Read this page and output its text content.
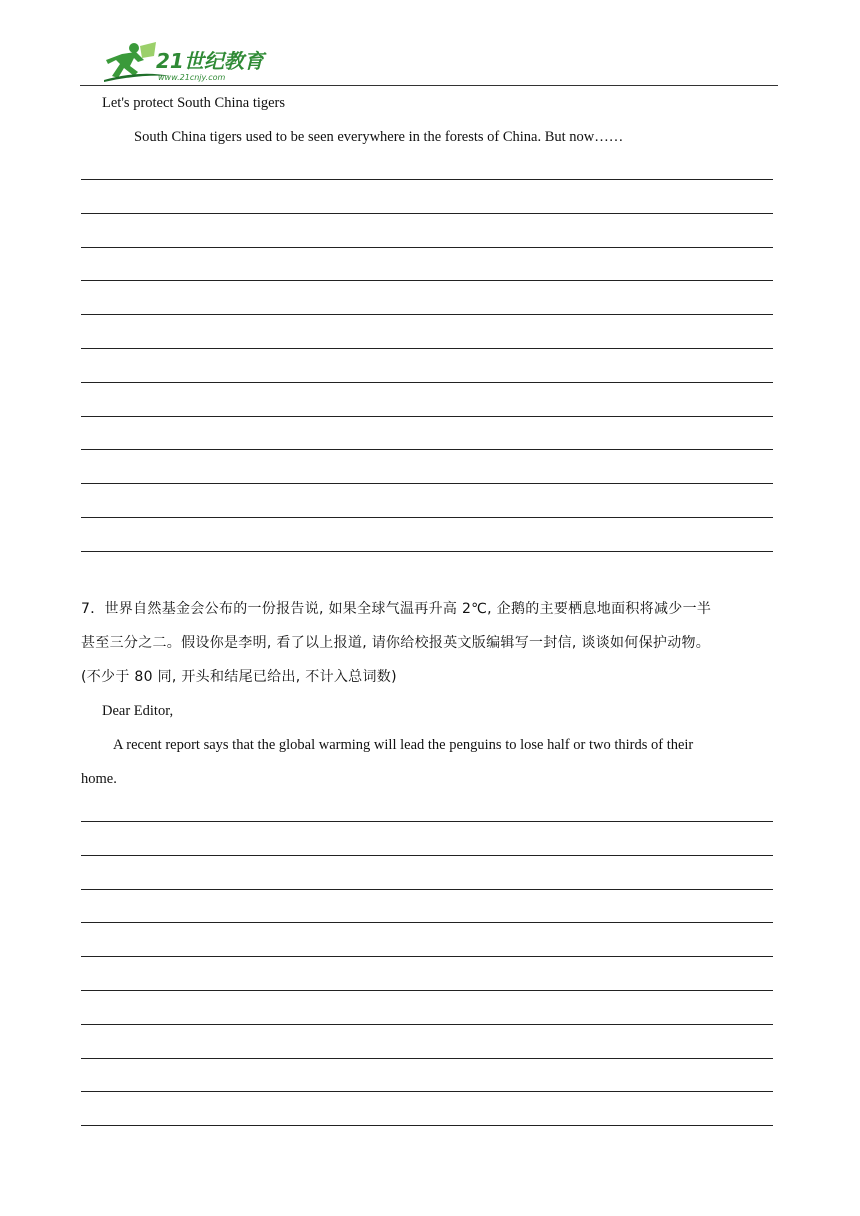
21世纪教育
www.21cnjy.com
Let's protect South China tigers
South China tigers used to be seen everywhere in the forests of China. But now……
7．世界自然基金会公布的一份报告说, 如果全球气温再升高 2℃, 企鹅的主要栖息地面积将减少一半
甚至三分之二。假设你是李明, 看了以上报道, 请你给校报英文版编辑写一封信, 谈谈如何保护动物。
(不少于 80 同, 开头和结尾已给出, 不计入总词数)
Dear Editor,
A recent report says that the global warming will lead the penguins to lose half or two thirds of their
home.
